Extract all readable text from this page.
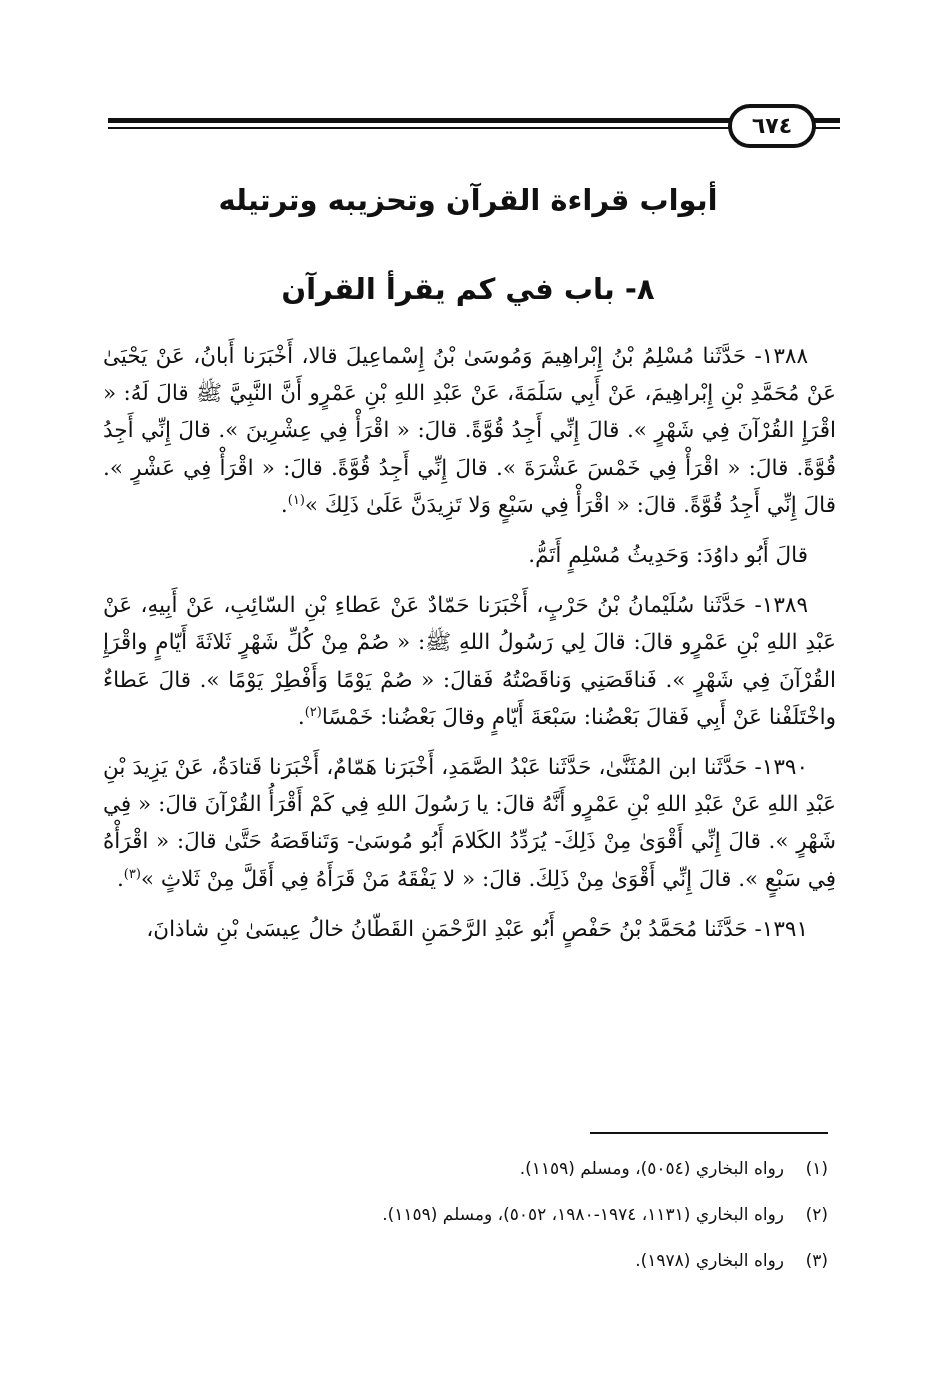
٦٧٤
أبواب قراءة القرآن وتحزيبه وترتيله
٨- باب في كم يقرأ القرآن

١٣٨٨- حَدَّثَنا مُسْلِمُ بْنُ إِبْراهِيمَ وَمُوسَىٰ بْنُ إِسْماعِيلَ قالا، أَخْبَرَنا أَبانُ، عَنْ يَحْيَىٰ عَنْ مُحَمَّدِ بْنِ إِبْراهِيمَ، عَنْ أَبِي سَلَمَةَ، عَنْ عَبْدِ اللهِ بْنِ عَمْرٍو أَنَّ النَّبِيَّ ﷺ قالَ لَهُ: « اقْرَإِ القُرْآنَ فِي شَهْرٍ ». قالَ إِنِّي أَجِدُ قُوَّةً. قالَ: « اقْرَأْ فِي عِشْرِينَ ». قالَ إِنِّي أَجِدُ قُوَّةً. قالَ: « اقْرَأْ فِي خَمْسَ عَشْرَةَ ». قالَ إِنِّي أَجِدُ قُوَّةً. قالَ: « اقْرَأْ فِي عَشْرٍ ». قالَ إِنِّي أَجِدُ قُوَّةً. قالَ: « اقْرَأْ فِي سَبْعٍ وَلا تَزِيدَنَّ عَلَىٰ ذَلِكَ »$^{(١)}$.

قالَ أَبُو داوُدَ: وَحَدِيثُ مُسْلِمٍ أَتَمُّ.

١٣٨٩- حَدَّثَنا سُلَيْمانُ بْنُ حَرْبٍ، أَخْبَرَنا حَمّادٌ عَنْ عَطاءِ بْنِ السّائِبِ، عَنْ أَبِيهِ، عَنْ عَبْدِ اللهِ بْنِ عَمْرٍو قالَ: قالَ لِي رَسُولُ اللهِ ﷺ: « صُمْ مِنْ كُلِّ شَهْرٍ ثَلاثَةَ أَيّامٍ واقْرَإِ القُرْآنَ فِي شَهْرٍ ». فَناقَصَنِي وَناقَصْتُهُ فَقالَ: « صُمْ يَوْمًا وَأَفْطِرْ يَوْمًا ». قالَ عَطاءٌ واخْتَلَفْنا عَنْ أَبِي فَقالَ بَعْضُنا: سَبْعَةَ أَيّامٍ وقالَ بَعْضُنا: خَمْسًا$^{(٢)}$.

١٣٩٠- حَدَّثَنا ابن المُثَنَّىٰ، حَدَّثَنا عَبْدُ الصَّمَدِ، أَخْبَرَنا هَمّامٌ، أَخْبَرَنا قَتادَةُ، عَنْ يَزِيدَ بْنِ عَبْدِ اللهِ عَنْ عَبْدِ اللهِ بْنِ عَمْرٍو أَنَّهُ قالَ: يا رَسُولَ اللهِ فِي كَمْ أَقْرَأُ القُرْآنَ قالَ: « فِي شَهْرٍ ». قالَ إِنِّي أَقْوَىٰ مِنْ ذَلِكَ- يُرَدِّدُ الكَلامَ أَبُو مُوسَىٰ- وَتَناقَصَهُ حَتَّىٰ قالَ: « اقْرَأْهُ فِي سَبْعٍ ». قالَ إِنِّي أَقْوَىٰ مِنْ ذَلِكَ. قالَ: « لا يَفْقَهُ مَنْ قَرَأَهُ فِي أَقَلَّ مِنْ ثَلاثٍ »$^{(٣)}$.

١٣٩١- حَدَّثَنا مُحَمَّدُ بْنُ حَفْصٍ أَبُو عَبْدِ الرَّحْمَنِ القَطّانُ خالُ عِيسَىٰ بْنِ شاذانَ،

(١)رواه البخاري (٥٠٥٤)، ومسلم (١١٥٩).
(٢)رواه البخاري (١١٣١، ١٩٧٤-١٩٨٠، ٥٠٥٢)، ومسلم (١١٥٩).
(٣)رواه البخاري (١٩٧٨).
